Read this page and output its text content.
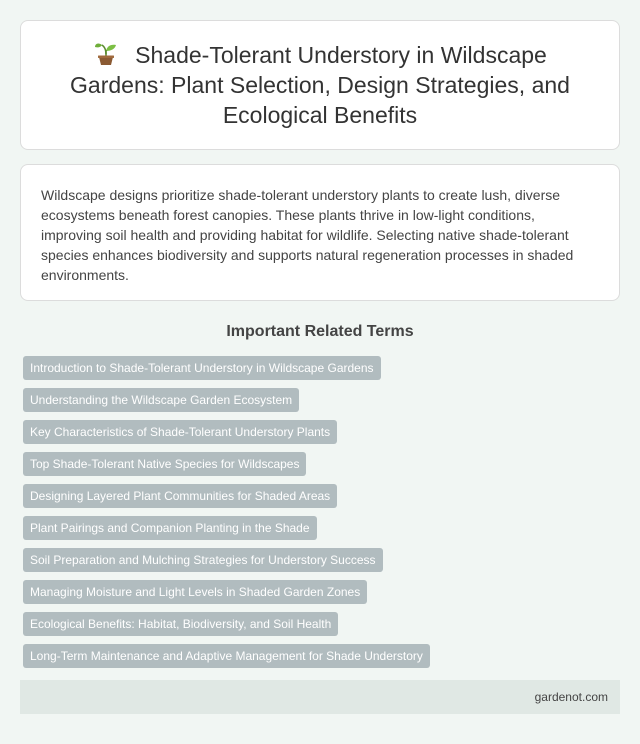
Shade-Tolerant Understory in Wildscape Gardens: Plant Selection, Design Strategies, and Ecological Benefits

Wildscape designs prioritize shade-tolerant understory plants to create lush, diverse ecosystems beneath forest canopies. These plants thrive in low-light conditions, improving soil health and providing habitat for wildlife. Selecting native shade-tolerant species enhances biodiversity and supports natural regeneration processes in shaded environments.

Important Related Terms
Introduction to Shade-Tolerant Understory in Wildscape Gardens
Understanding the Wildscape Garden Ecosystem
Key Characteristics of Shade-Tolerant Understory Plants
Top Shade-Tolerant Native Species for Wildscapes
Designing Layered Plant Communities for Shaded Areas
Plant Pairings and Companion Planting in the Shade
Soil Preparation and Mulching Strategies for Understory Success
Managing Moisture and Light Levels in Shaded Garden Zones
Ecological Benefits: Habitat, Biodiversity, and Soil Health
Long-Term Maintenance and Adaptive Management for Shade Understory
gardenot.com
